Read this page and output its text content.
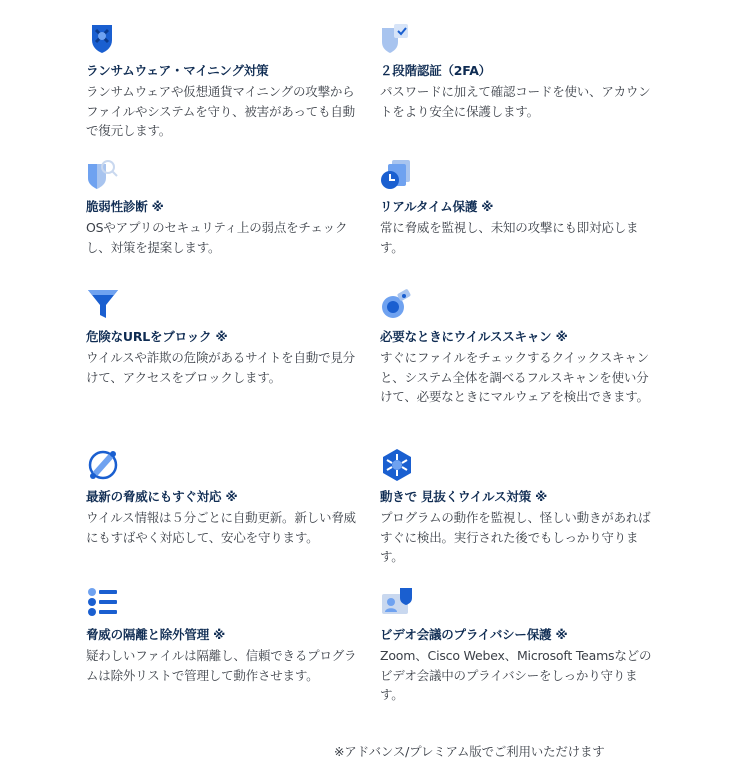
ランサムウェア・マイニング対策
ランサムウェアや仮想通貨マイニングの攻撃からファイルやシステムを守り、被害があっても自動で復元します。
２段階認証（2FA）
パスワードに加えて確認コードを使い、アカウントをより安全に保護します。
脆弱性診断 ※
OSやアプリのセキュリティ上の弱点をチェックし、対策を提案します。
リアルタイム保護 ※
常に脅威を監視し、未知の攻撃にも即対応します。
危険なURLをブロック ※
ウイルスや詐欺の危険があるサイトを自動で見分けて、アクセスをブロックします。
必要なときにウイルススキャン ※
すぐにファイルをチェックするクイックスキャンと、システム全体を調べるフルスキャンを使い分けて、必要なときにマルウェアを検出できます。
最新の脅威にもすぐ対応 ※
ウイルス情報は５分ごとに自動更新。新しい脅威にもすばやく対応して、安心を守ります。
動きで 見抜くウイルス対策 ※
プログラムの動作を監視し、怪しい動きがあればすぐに検出。実行された後でもしっかり守ります。
脅威の隔離と除外管理 ※
疑わしいファイルは隔離し、信頼できるプログラムは除外リストで管理して動作させます。
ビデオ会議のプライバシー保護 ※
Zoom、Cisco Webex、Microsoft Teamsなどのビデオ会議中のプライバシーをしっかり守ります。
※アドバンス/プレミアム版でご利用いただけます
